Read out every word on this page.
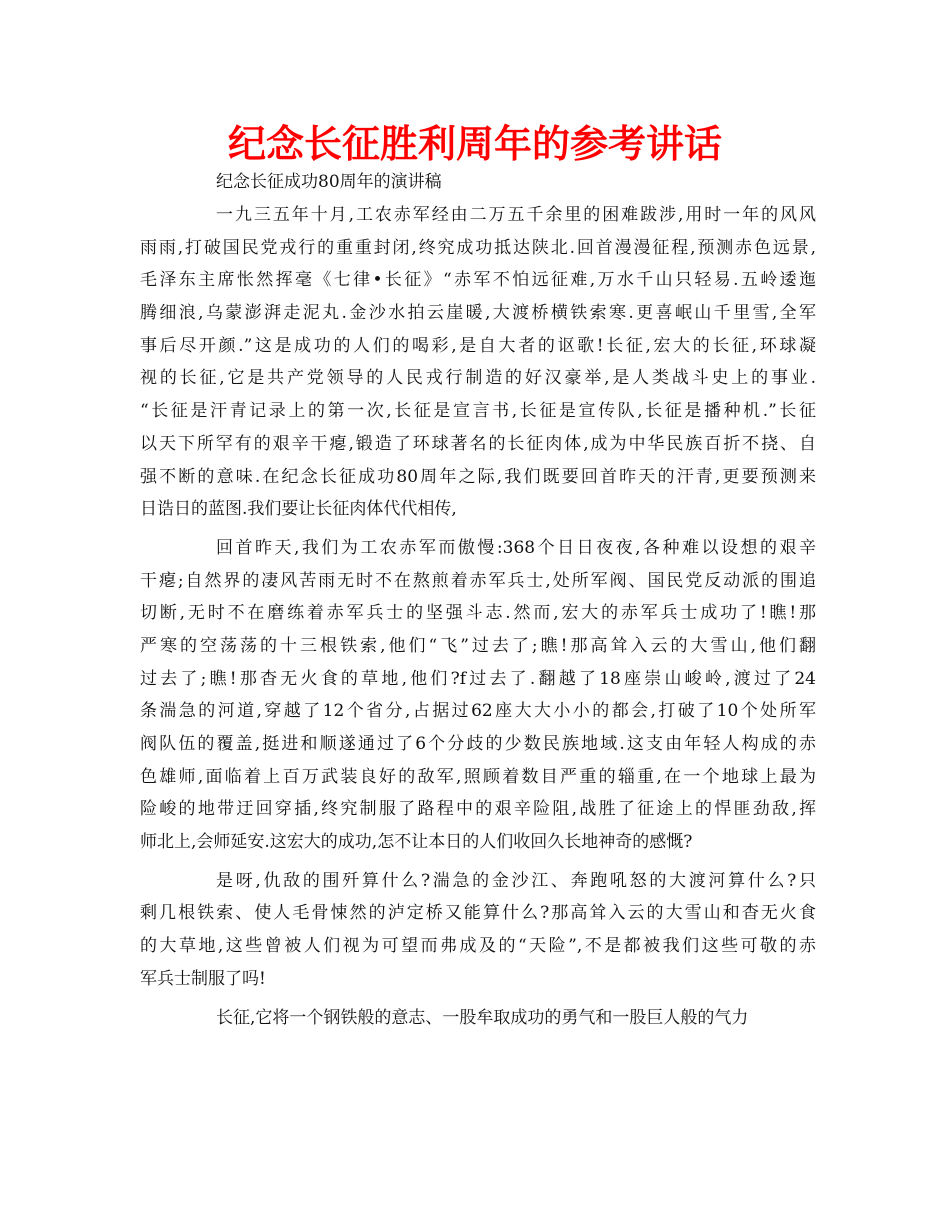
纪念长征胜利周年的参考讲话
纪念长征成功80周年的演讲稿
一九三五年十月,工农赤军经由二万五千余里的困难跋涉,用时一年的风风
雨雨,打破国民党戎行的重重封闭,终究成功抵达陕北.回首漫漫征程,预测赤色远景,
毛泽东主席怅然挥毫《七律•长征》“赤军不怕远征难,万水千山只轻易.五岭逶迤
腾细浪,乌蒙澎湃走泥丸.金沙水拍云崖暖,大渡桥横铁索寒.更喜岷山千里雪,全军
事后尽开颜.”这是成功的人们的喝彩,是自大者的讴歌!长征,宏大的长征,环球凝
视的长征,它是共产党领导的人民戎行制造的好汉豪举,是人类战斗史上的事业.
“长征是汗青记录上的第一次,长征是宣言书,长征是宣传队,长征是播种机.”长征
以天下所罕有的艰辛干瘪,锻造了环球著名的长征肉体,成为中华民族百折不挠、自
强不断的意味.在纪念长征成功80周年之际,我们既要回首昨天的汗青,更要预测来
日诰日的蓝图.我们要让长征肉体代代相传,
回首昨天,我们为工农赤军而傲慢:368个日日夜夜,各种难以设想的艰辛
干瘪;自然界的凄风苦雨无时不在熬煎着赤军兵士,处所军阀、国民党反动派的围追
切断,无时不在磨练着赤军兵士的坚强斗志.然而,宏大的赤军兵士成功了!瞧!那
严寒的空荡荡的十三根铁索,他们“飞”过去了;瞧!那高耸入云的大雪山,他们翻
过去了;瞧!那杳无火食的草地,他们?f过去了.翻越了18座崇山峻岭,渡过了24
条湍急的河道,穿越了12个省分,占据过62座大大小小的都会,打破了10个处所军
阀队伍的覆盖,挺进和顺遂通过了6个分歧的少数民族地域.这支由年轻人构成的赤
色雄师,面临着上百万武装良好的敌军,照顾着数目严重的辎重,在一个地球上最为
险峻的地带迂回穿插,终究制服了路程中的艰辛险阻,战胜了征途上的悍匪劲敌,挥
师北上,会师延安.这宏大的成功,怎不让本日的人们收回久长地神奇的感慨?
是呀,仇敌的围歼算什么?湍急的金沙江、奔跑吼怒的大渡河算什么?只
剩几根铁索、使人毛骨悚然的泸定桥又能算什么?那高耸入云的大雪山和杳无火食
的大草地,这些曾被人们视为可望而弗成及的“天险”,不是都被我们这些可敬的赤
军兵士制服了吗!
长征,它将一个钢铁般的意志、一股牟取成功的勇气和一股巨人般的气力
